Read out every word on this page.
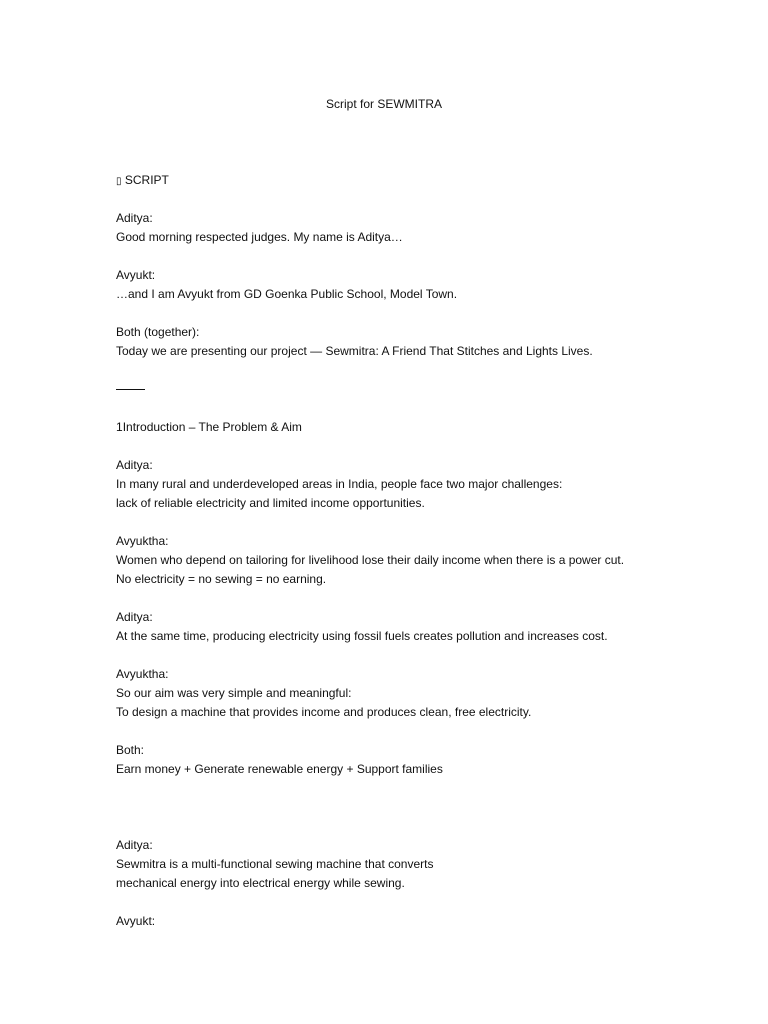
Script for SEWMITRA
▯ SCRIPT
Aditya:
Good morning respected judges. My name is Aditya…
Avyukt:
…and I am Avyukt from GD Goenka Public School, Model Town.
Both (together):
Today we are presenting our project — Sewmitra: A Friend That Stitches and Lights Lives.
1Introduction – The Problem & Aim
Aditya:
In many rural and underdeveloped areas in India, people face two major challenges:
lack of reliable electricity and limited income opportunities.
Avyuktha:
Women who depend on tailoring for livelihood lose their daily income when there is a power cut.
No electricity = no sewing = no earning.
Aditya:
At the same time, producing electricity using fossil fuels creates pollution and increases cost.
Avyuktha:
So our aim was very simple and meaningful:
To design a machine that provides income and produces clean, free electricity.
Both:
Earn money + Generate renewable energy + Support families
Aditya:
Sewmitra is a multi-functional sewing machine that converts
mechanical energy into electrical energy while sewing.
Avyukt:
